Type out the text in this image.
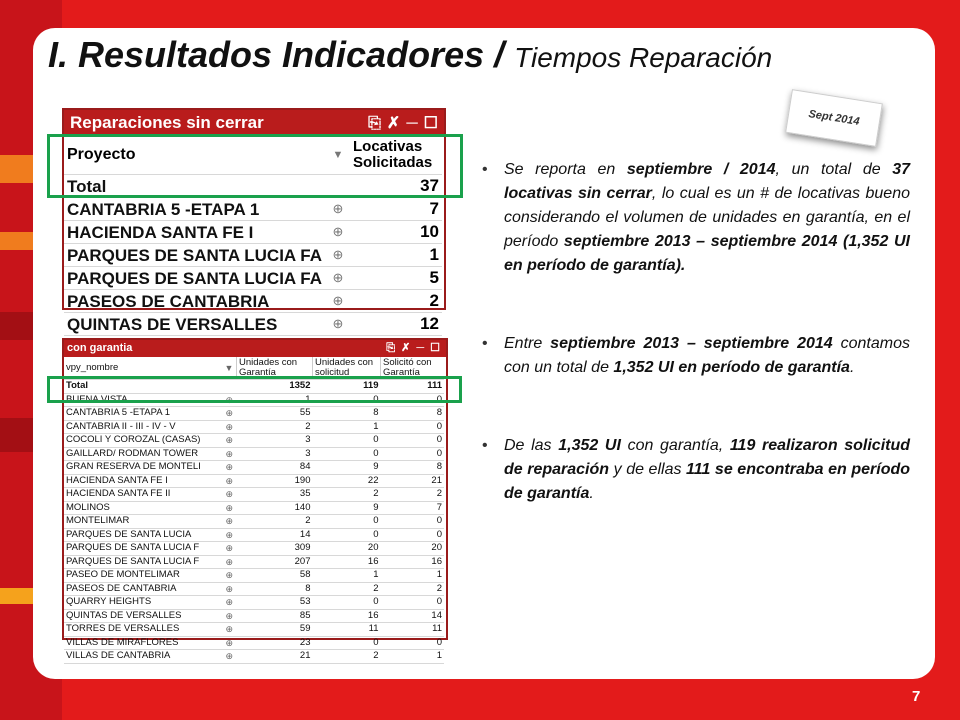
I. Resultados Indicadores / Tiempos Reparación
Sept 2014
Reparaciones sin cerrar	⎘ ✗ ─ ☐
Proyecto	▼	Locativas Solicitadas
Total		37
CANTABRIA 5 -ETAPA 1	⊕	7
HACIENDA SANTA FE I	⊕	10
PARQUES DE SANTA LUCIA FA	⊕	1
PARQUES DE SANTA LUCIA FA	⊕	5
PASEOS DE CANTABRIA	⊕	2
QUINTAS DE VERSALLES	⊕	12
con garantia	⎘ ✗ ─ ☐
vpy_nombre	▼	Unidades con Garantía	Unidades con solicitud	Solicitó con Garantía
Total		1352	119	111
BUENA VISTA	⊕	1	0	0
CANTABRIA 5 -ETAPA 1	⊕	55	8	8
CANTABRIA II - III - IV - V	⊕	2	1	0
COCOLI Y COROZAL (CASAS)	⊕	3	0	0
GAILLARD/ RODMAN TOWER	⊕	3	0	0
GRAN RESERVA DE MONTELI	⊕	84	9	8
HACIENDA SANTA FE I	⊕	190	22	21
HACIENDA SANTA FE II	⊕	35	2	2
MOLINOS	⊕	140	9	7
MONTELIMAR	⊕	2	0	0
PARQUES DE SANTA LUCIA	⊕	14	0	0
PARQUES DE SANTA LUCIA F	⊕	309	20	20
PARQUES DE SANTA LUCIA F	⊕	207	16	16
PASEO DE MONTELIMAR	⊕	58	1	1
PASEOS DE CANTABRIA	⊕	8	2	2
QUARRY HEIGHTS	⊕	53	0	0
QUINTAS DE VERSALLES	⊕	85	16	14
TORRES DE VERSALLES	⊕	59	11	11
VILLAS DE MIRAFLORES	⊕	23	0	0
VILLAS DE CANTABRIA	⊕	21	2	1
• Se reporta en septiembre / 2014, un total de 37 locativas sin cerrar, lo cual es un # de locativas bueno considerando el volumen de unidades en garantía, en el período septiembre 2013 – septiembre 2014 (1,352 UI en período de garantía).
• Entre septiembre 2013 – septiembre 2014 contamos con un total de 1,352 UI en período de garantía.
• De las 1,352 UI con garantía, 119 realizaron solicitud de reparación y de ellas 111 se encontraba en período de garantía.
7
